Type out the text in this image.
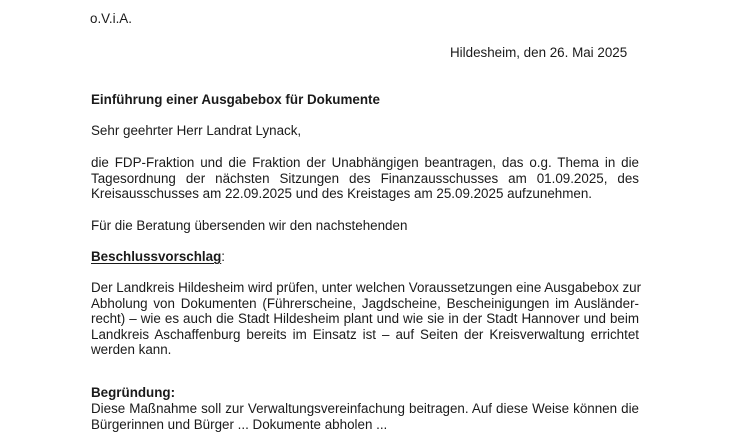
o.V.i.A.

Hildesheim, den 26. Mai 2025

Einführung einer Ausgabebox für Dokumente

Sehr geehrter Herr Landrat Lynack,

die FDP-Fraktion und die Fraktion der Unabhängigen beantragen, das o.g. Thema in die
Tagesordnung der nächsten Sitzungen des Finanzausschusses am 01.09.2025, des
Kreisausschusses am 22.09.2025 und des Kreistages am 25.09.2025 aufzunehmen.

Für die Beratung übersenden wir den nachstehenden

Beschlussvorschlag:

Der Landkreis Hildesheim wird prüfen, unter welchen Voraussetzungen eine Ausgabebox zur
Abholung von Dokumenten (Führerscheine, Jagdscheine, Bescheinigungen im Ausländer-
recht) – wie es auch die Stadt Hildesheim plant und wie sie in der Stadt Hannover und beim
Landkreis Aschaffenburg bereits im Einsatz ist – auf Seiten der Kreisverwaltung errichtet
werden kann.

Begründung:

Diese Maßnahme soll zur Verwaltungsvereinfachung beitragen. Auf diese Weise können die
Bürgerinnen und Bürger ... Dokumente abholen ...
